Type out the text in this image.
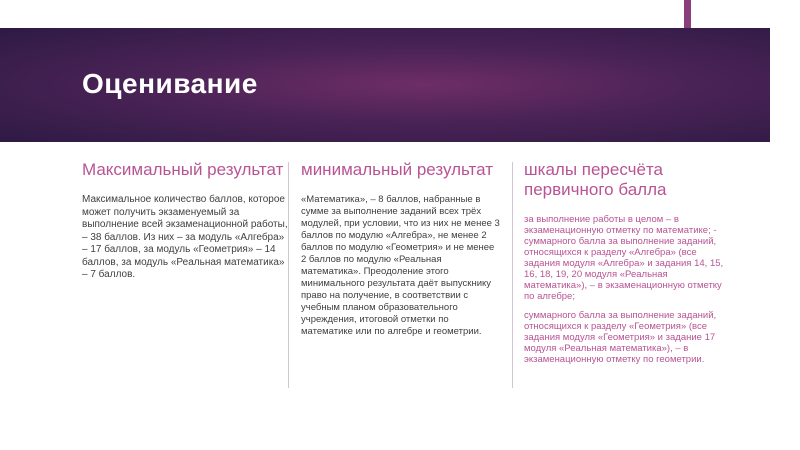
Оценивание
Максимальный результат

Максимальное количество баллов, которое может получить экзаменуемый за выполнение всей экзаменационной работы, – 38 баллов. Из них – за модуль «Алгебра» – 17 баллов, за модуль «Геометрия» – 14 баллов, за модуль «Реальная математика» – 7 баллов.

минимальный результат

«Математика», – 8 баллов, набранные в сумме за выполнение заданий всех трёх модулей, при условии, что из них не менее 3 баллов по модулю «Алгебра», не менее 2 баллов по модулю «Геометрия» и не менее 2 баллов по модулю «Реальная математика». Преодоление этого минимального результата даёт выпускнику право на получение, в соответствии с учебным планом образовательного учреждения, итоговой отметки по математике или по алгебре и геометрии.

шкалы пересчёта первичного балла

за выполнение работы в целом – в экзаменационную отметку по математике; - суммарного балла за выполнение заданий, относящихся к разделу «Алгебра» (все задания модуля «Алгебра» и задания 14, 15, 16, 18, 19, 20 модуля «Реальная математика»), – в экзаменационную отметку по алгебре;

суммарного балла за выполнение заданий, относящихся к разделу «Геометрия» (все задания модуля «Геометрия» и задание 17 модуля «Реальная математика»), – в экзаменационную отметку по геометрии.
